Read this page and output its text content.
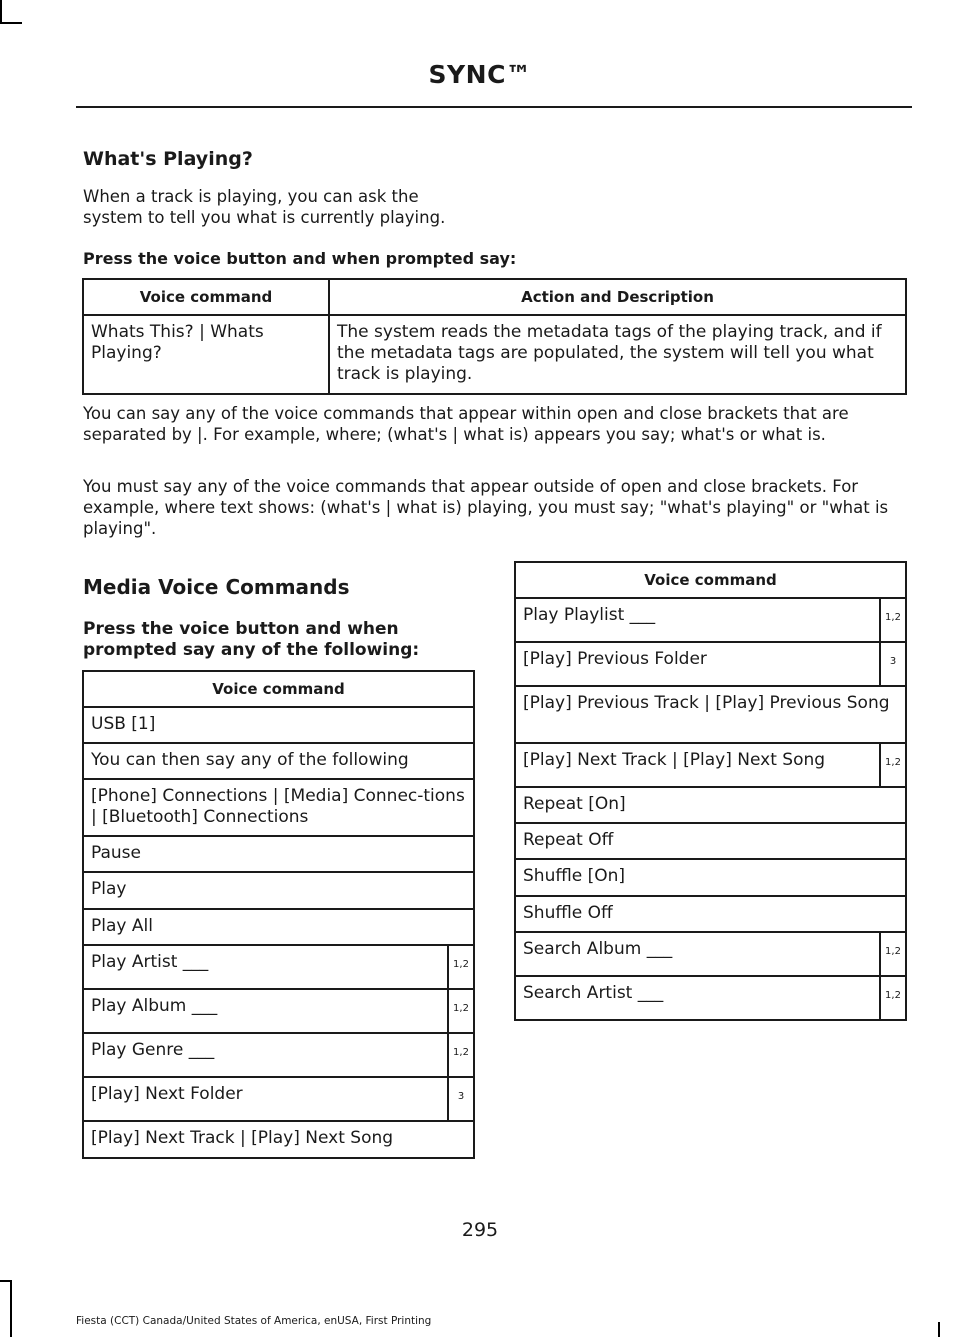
SYNC™
What's Playing?

When a track is playing, you can ask the system to tell you what is currently playing.

Press the voice button and when prompted say:

Voice command	Action and Description

Whats This? | Whats Playing?	The system reads the metadata tags of the playing track, and if the metadata tags are populated, the system will tell you what track is playing.

You can say any of the voice commands that appear within open and close brackets that are separated by |. For example, where; (what's | what is) appears you say; what's or what is.

You must say any of the voice commands that appear outside of open and close brackets. For example, where text shows: (what's | what is) playing, you must say; "what's playing" or "what is playing".

Media Voice Commands

Press the voice button and when prompted say any of the following:

Voice command	

USB [1]	

You can then say any of the following	

[Phone] Connections | [Media] Connec-tions | [Bluetooth] Connections	

Pause	

Play	

Play All	

Play Artist ___	1,2

Play Album ___	1,2

Play Genre ___	1,2

[Play] Next Folder	3

[Play] Next Track | [Play] Next Song	
Voice command	

Play Playlist ___	1,2

[Play] Previous Folder	3

[Play] Previous Track | [Play] Previous Song	

[Play] Next Track | [Play] Next Song	1,2

Repeat [On]	

Repeat Off	

Shuffle [On]	

Shuffle Off	

Search Album ___	1,2

Search Artist ___	1,2
295
Fiesta (CCT) Canada/United States of America, enUSA, First Printing
